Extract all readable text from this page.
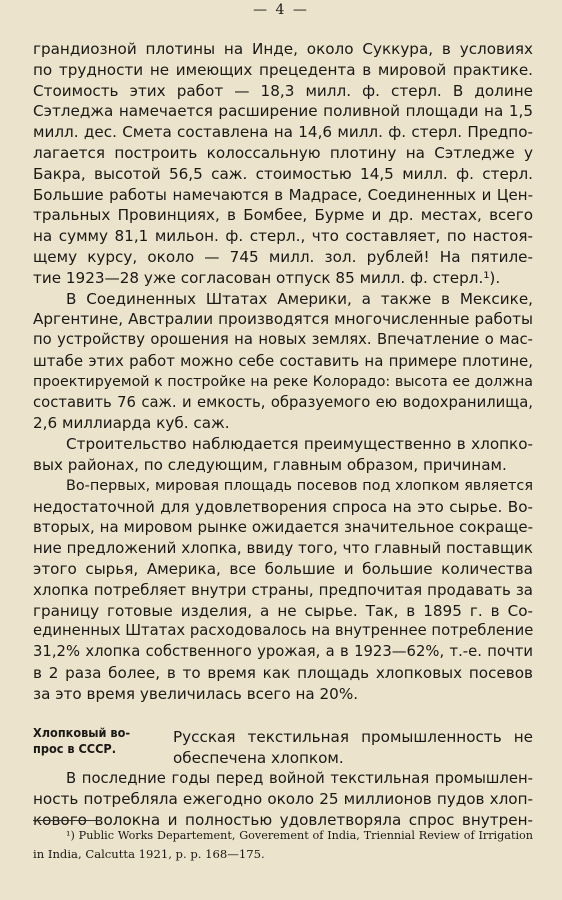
— 4 —
грандиозной плотины на Инде, около Суккура, в условиях
по трудности не имеющих прецедента в мировой практике.
Стоимость этих работ — 18,3 милл. ф. стерл. В долине
Сэтледжа намечается расширение поливной площади на 1,5
милл. дес. Смета составлена на 14,6 милл. ф. стерл. Предпо-
лагается построить колоссальную плотину на Сэтледже у
Бакра, высотой 56,5 саж. стоимостью 14,5 милл. ф. стерл.
Большие работы намечаются в Мадрасе, Соединенных и Цен-
тральных Провинциях, в Бомбее, Бурме и др. местах, всего
на сумму 81,1 мильон. ф. стерл., что составляет, по настоя-
щему курсу, около — 745 милл. зол. рублей! На пятиле-
тие 1923—28 уже согласован отпуск 85 милл. ф. стерл.¹).
В Соединенных Штатах Америки, а также в Мексике,
Аргентине, Австралии производятся многочисленные работы
по устройству орошения на новых землях. Впечатление о мас-
штабе этих работ можно себе составить на примере плотине,
проектируемой к постройке на реке Колорадо: высота ее должна
составить 76 саж. и емкость, образуемого ею водохранилища,
2,6 миллиарда куб. саж.
Строительство наблюдается преимущественно в хлопко-
вых районах, по следующим, главным образом, причинам.
Во-первых, мировая площадь посевов под хлопком является
недостаточной для удовлетворения спроса на это сырье. Во-
вторых, на мировом рынке ожидается значительное сокраще-
ние предложений хлопка, ввиду того, что главный поставщик
этого сырья, Америка, все большие и большие количества
хлопка потребляет внутри страны, предпочитая продавать за
границу готовые изделия, а не сырье. Так, в 1895 г. в Со-
единенных Штатах расходовалось на внутреннее потребление
31,2% хлопка собственного урожая, а в 1923—62%, т.-е. почти
в 2 раза более, в то время как площадь хлопковых посевов
за это время увеличилась всего на 20%.
Хлопковый во-
прос в СССР.
Русская текстильная промышленность не
обеспечена хлопком.
В последние годы перед войной текстильная промышлен-
ность потребляла ежегодно около 25 миллионов пудов хлоп-
кового волокна и полностью удовлетворяла спрос внутрен-
¹) Public Works Departement, Goverement of India, Triennial Review of Irrigation
in India, Calcutta 1921, p. p. 168—175.
